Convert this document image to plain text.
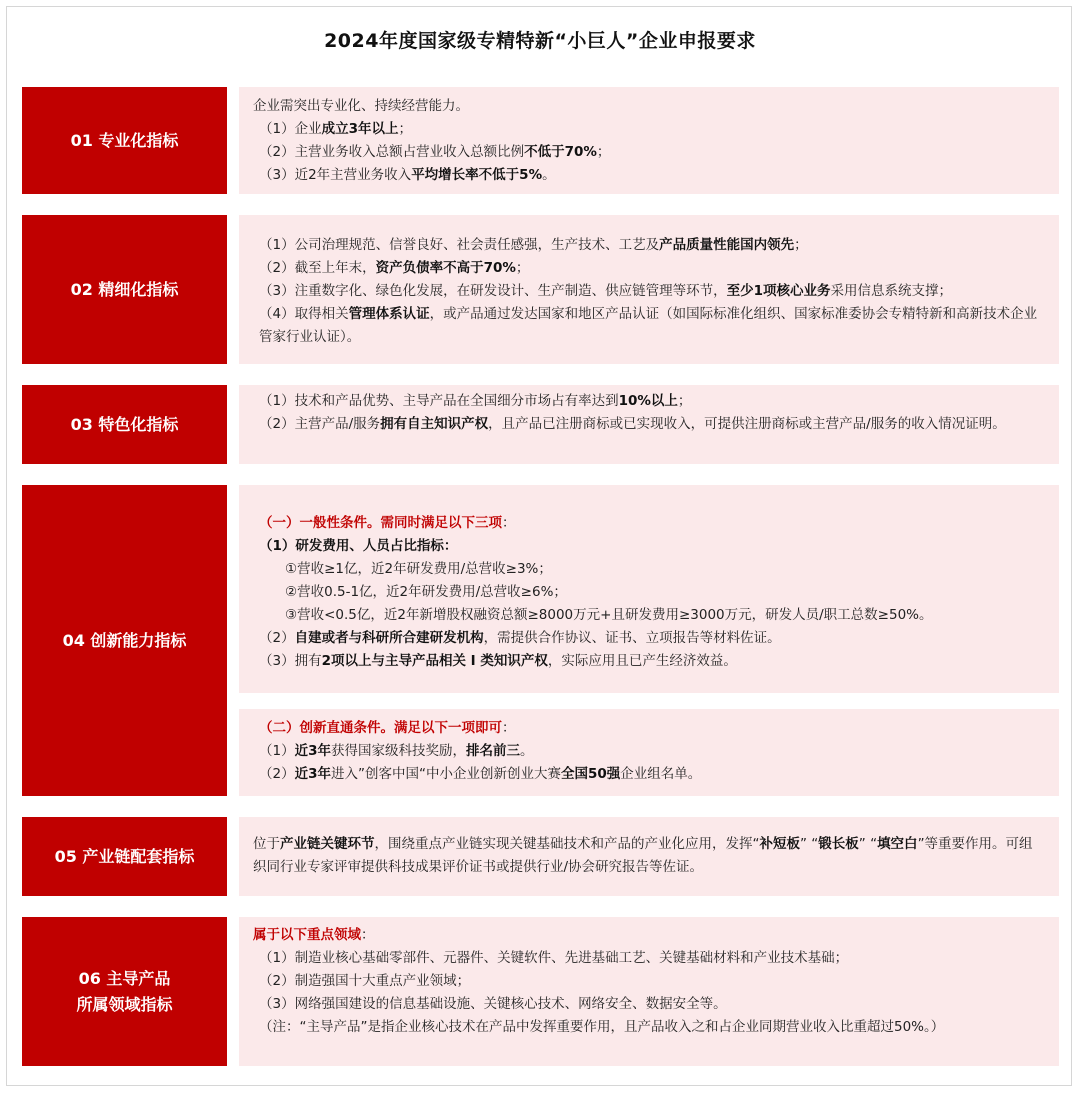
2024年度国家级专精特新“小巨人”企业申报要求
01 专业化指标
企业需突出专业化、持续经营能力。
（1）企业成立3年以上；
（2）主营业务收入总额占营业收入总额比例不低于70%；
（3）近2年主营业务收入平均增长率不低于5%。
02 精细化指标
（1）公司治理规范、信誉良好、社会责任感强，生产技术、工艺及产品质量性能国内领先；
（2）截至上年末，资产负债率不高于70%；
（3）注重数字化、绿色化发展，在研发设计、生产制造、供应链管理等环节，至少1项核心业务采用信息系统支撑；
（4）取得相关管理体系认证，或产品通过发达国家和地区产品认证（如国际标准化组织、国家标准委协会专精特新和高新技术企业管家行业认证）。
03 特色化指标
（1）技术和产品优势、主导产品在全国细分市场占有率达到10%以上；
（2）主营产品/服务拥有自主知识产权，且产品已注册商标或已实现收入，可提供注册商标或主营产品/服务的收入情况证明。
04 创新能力指标
（一）一般性条件。需同时满足以下三项：
（1）研发费用、人员占比指标：
①营收≥1亿，近2年研发费用/总营收≥3%；
②营收0.5-1亿，近2年研发费用/总营收≥6%；
③营收<0.5亿，近2年新增股权融资总额≥8000万元+且研发费用≥3000万元，研发人员/职工总数≥50%。
（2）自建或者与科研所合建研发机构，需提供合作协议、证书、立项报告等材料佐证。
（3）拥有2项以上与主导产品相关 I 类知识产权，实际应用且已产生经济效益。
（二）创新直通条件。满足以下一项即可：
（1）近3年获得国家级科技奖励，排名前三。
（2）近3年进入”创客中国“中小企业创新创业大赛全国50强企业组名单。
05 产业链配套指标
位于产业链关键环节，围绕重点产业链实现关键基础技术和产品的产业化应用，发挥“补短板” “锻长板” “填空白”等重要作用。可组织同行业专家评审提供科技成果评价证书或提供行业/协会研究报告等佐证。
06 主导产品
所属领域指标
属于以下重点领域：
（1）制造业核心基础零部件、元器件、关键软件、先进基础工艺、关键基础材料和产业技术基础；
（2）制造强国十大重点产业领域；
（3）网络强国建设的信息基础设施、关键核心技术、网络安全、数据安全等。
（注：“主导产品”是指企业核心技术在产品中发挥重要作用，且产品收入之和占企业同期营业收入比重超过50%。）
